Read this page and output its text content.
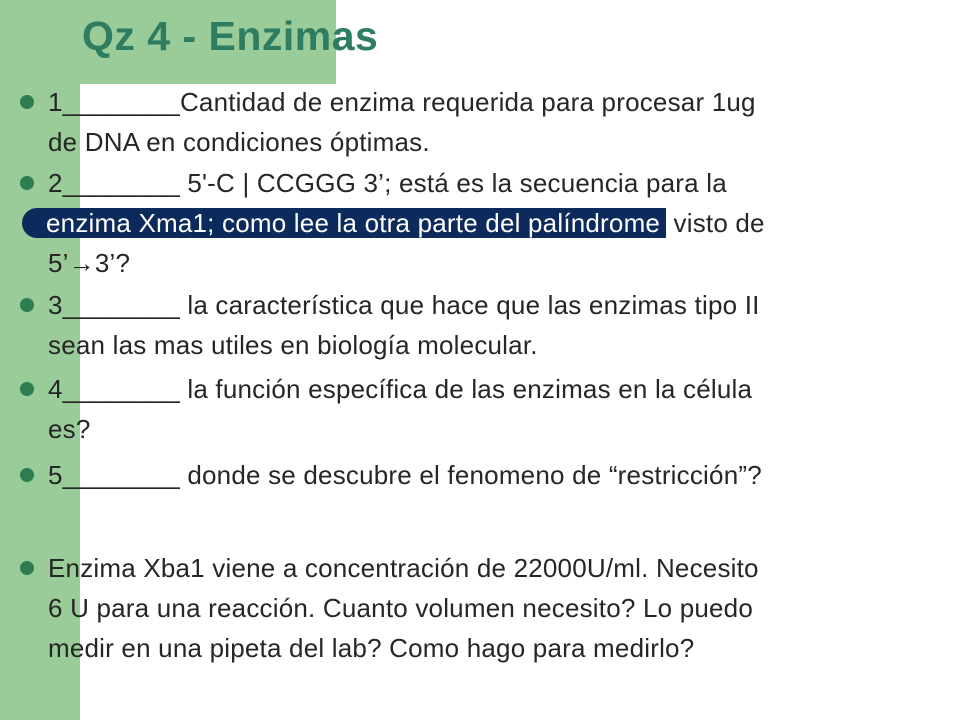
Qz 4 - Enzimas

1________Cantidad de enzima requerida para procesar 1ug

de DNA en condiciones óptimas.

2________ 5'-C | CCGGG 3’; está es la secuencia para la

enzima Xma1; como lee la otra parte del palíndrome visto de

5’→3’?

3________ la característica que hace que las enzimas tipo II

sean las mas utiles en biología molecular.

4________ la función específica de las enzimas en la célula

es?

5________ donde se descubre el fenomeno de “restricción”?

Enzima Xba1 viene a concentración de 22000U/ml. Necesito

6 U para una reacción. Cuanto volumen necesito? Lo puedo

medir en una pipeta del lab? Como hago para medirlo?
